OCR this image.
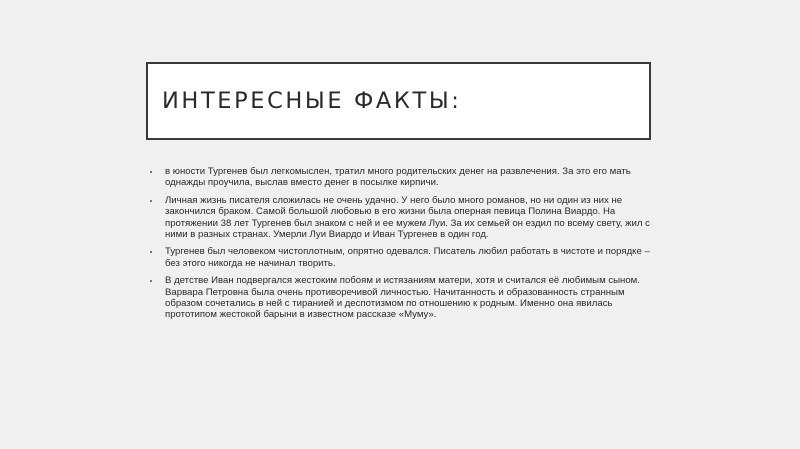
ИНТЕРЕСНЫЕ ФАКТЫ:
в юности Тургенев был легкомыслен, тратил много родительских денег на развлечения. За это его мать однажды проучила, выслав вместо денег в посылке кирпичи.
Личная жизнь писателя сложилась не очень удачно. У него было много романов, но ни один из них не закончился браком. Самой большой любовью в его жизни была оперная певица Полина Виардо. На протяжении 38 лет Тургенев был знаком с ней и ее мужем Луи. За их семьей он ездил по всему свету, жил с ними в разных странах. Умерли Луи Виардо и Иван Тургенев в один год.
Тургенев был человеком чистоплотным, опрятно одевался. Писатель любил работать в чистоте и порядке – без этого никогда не начинал творить.
В детстве Иван подвергался жестоким побоям и истязаниям матери, хотя и считался её любимым сыном. Варвара Петровна была очень противоречивой личностью. Начитанность и образованность странным образом сочетались в ней с тиранией и деспотизмом по отношению к родным. Именно она явилась прототипом жестокой барыни в известном рассказе «Муму».
